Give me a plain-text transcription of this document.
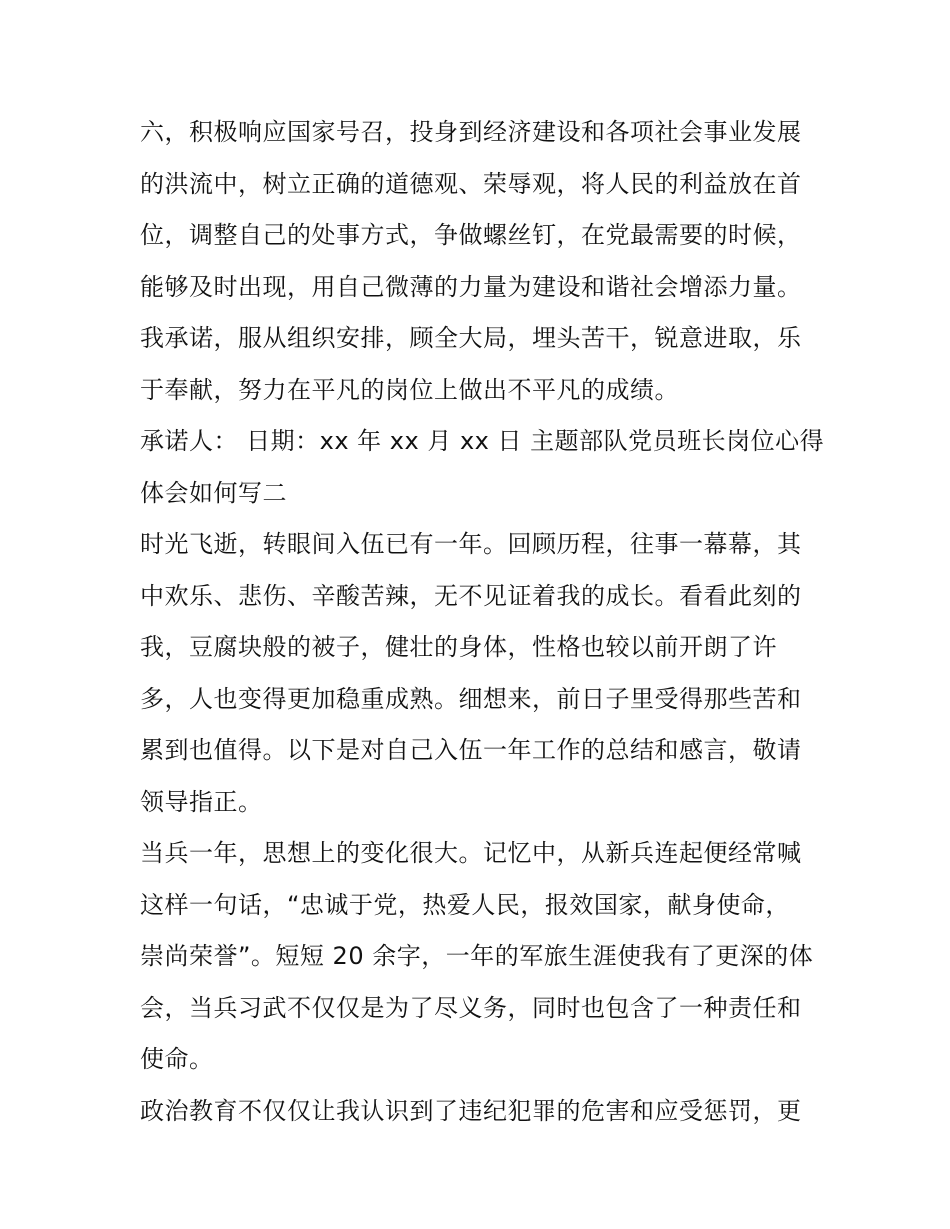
六，积极响应国家号召，投身到经济建设和各项社会事业发展
的洪流中，树立正确的道德观、荣辱观，将人民的利益放在首
位，调整自己的处事方式，争做螺丝钉，在党最需要的时候，
能够及时出现，用自己微薄的力量为建设和谐社会增添力量。
我承诺，服从组织安排，顾全大局，埋头苦干，锐意进取，乐
于奉献，努力在平凡的岗位上做出不平凡的成绩。
承诺人： 日期：xx 年 xx 月 xx 日 主题部队党员班长岗位心得
体会如何写二
时光飞逝，转眼间入伍已有一年。回顾历程，往事一幕幕，其
中欢乐、悲伤、辛酸苦辣，无不见证着我的成长。看看此刻的
我，豆腐块般的被子，健壮的身体，性格也较以前开朗了许
多，人也变得更加稳重成熟。细想来，前日子里受得那些苦和
累到也值得。以下是对自己入伍一年工作的总结和感言，敬请
领导指正。
当兵一年，思想上的变化很大。记忆中，从新兵连起便经常喊
这样一句话，“忠诚于党，热爱人民，报效国家，献身使命，
崇尚荣誉”。短短 20 余字，一年的军旅生涯使我有了更深的体
会，当兵习武不仅仅是为了尽义务，同时也包含了一种责任和
使命。
政治教育不仅仅让我认识到了违纪犯罪的危害和应受惩罚，更
